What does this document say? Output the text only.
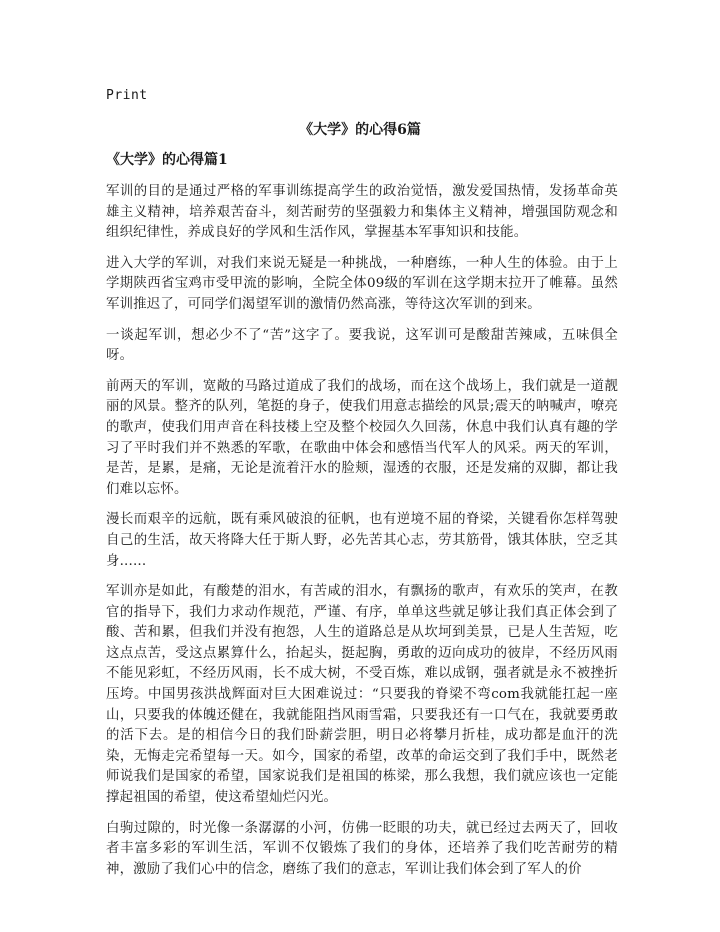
Print
《大学》的心得6篇
《大学》的心得篇1

军训的目的是通过严格的军事训练提高学生的政治觉悟，激发爱国热情，发扬革命英雄主义精神，培养艰苦奋斗，刻苦耐劳的坚强毅力和集体主义精神，增强国防观念和组织纪律性，养成良好的学风和生活作风，掌握基本军事知识和技能。

进入大学的军训，对我们来说无疑是一种挑战，一种磨练，一种人生的体验。由于上学期陕西省宝鸡市受甲流的影响，全院全体09级的军训在这学期末拉开了帷幕。虽然军训推迟了，可同学们渴望军训的激情仍然高涨，等待这次军训的到来。

一谈起军训，想必少不了“苦”这字了。要我说，这军训可是酸甜苦辣咸，五味俱全呀。

前两天的军训，宽敞的马路过道成了我们的战场，而在这个战场上，我们就是一道靓丽的风景。整齐的队列，笔挺的身子，使我们用意志描绘的风景;震天的呐喊声，嘹亮的歌声，使我们用声音在科技楼上空及整个校园久久回荡，休息中我们认真有趣的学习了平时我们并不熟悉的军歌，在歌曲中体会和感悟当代军人的风采。两天的军训，是苦，是累，是痛，无论是流着汗水的脸颊，湿透的衣服，还是发痛的双脚，都让我们难以忘怀。

漫长而艰辛的远航，既有乘风破浪的征帆，也有逆境不屈的脊梁，关键看你怎样驾驶自己的生活，故天将降大任于斯人野，必先苦其心志，劳其筋骨，饿其体肤，空乏其身......

军训亦是如此，有酸楚的泪水，有苦咸的泪水，有飘扬的歌声，有欢乐的笑声，在教官的指导下，我们力求动作规范，严谨、有序，单单这些就足够让我们真正体会到了酸、苦和累，但我们并没有抱怨，人生的道路总是从坎坷到美景，已是人生苦短，吃这点点苦，受这点累算什么，抬起头，挺起胸，勇敢的迈向成功的彼岸，不经历风雨不能见彩虹，不经历风雨，长不成大树，不受百炼，难以成钢，强者就是永不被挫折压垮。中国男孩洪战辉面对巨大困难说过：“只要我的脊梁不弯com我就能扛起一座山，只要我的体魄还健在，我就能阻挡风雨雪霜，只要我还有一口气在，我就要勇敢的活下去。是的相信今日的我们卧薪尝胆，明日必将攀月折桂，成功都是血汗的洗染，无悔走完希望每一天。如今，国家的希望，改革的命运交到了我们手中，既然老师说我们是国家的希望，国家说我们是祖国的栋梁，那么我想，我们就应该也一定能撑起祖国的希望，使这希望灿烂闪光。

白驹过隙的，时光像一条潺潺的小河，仿佛一眨眼的功夫，就已经过去两天了，回收者丰富多彩的军训生活，军训不仅锻炼了我们的身体，还培养了我们吃苦耐劳的精神，激励了我们心中的信念，磨练了我们的意志，军训让我们体会到了军人的价
